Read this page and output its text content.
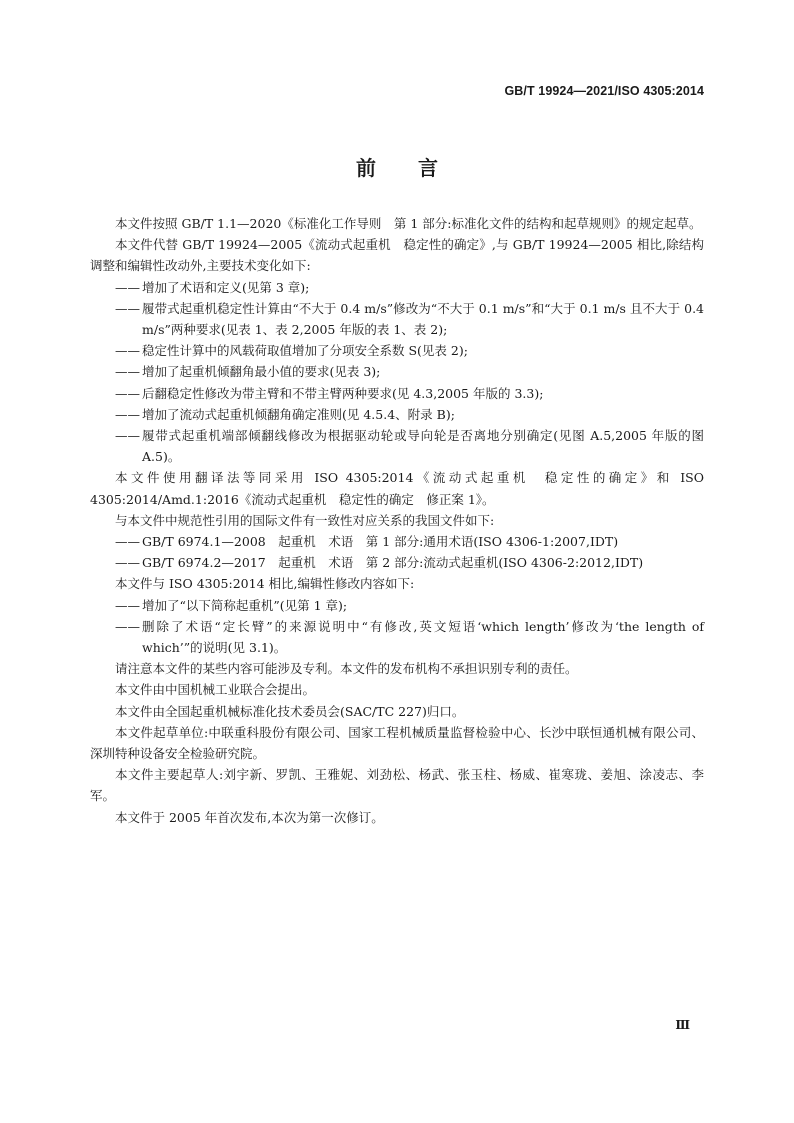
GB/T 19924—2021/ISO 4305:2014
前言

本文件按照 GB/T 1.1—2020《标准化工作导则　第 1 部分:标准化文件的结构和起草规则》的规定起草。

本文件代替 GB/T 19924—2005《流动式起重机　稳定性的确定》,与 GB/T 19924—2005 相比,除结构调整和编辑性改动外,主要技术变化如下:

—— 增加了术语和定义(见第 3 章);
—— 履带式起重机稳定性计算由“不大于 0.4 m/s”修改为“不大于 0.1 m/s”和“大于 0.1 m/s 且不大于 0.4 m/s”两种要求(见表 1、表 2,2005 年版的表 1、表 2);
—— 稳定性计算中的风载荷取值增加了分项安全系数 S(见表 2);
—— 增加了起重机倾翻角最小值的要求(见表 3);
—— 后翻稳定性修改为带主臂和不带主臂两种要求(见 4.3,2005 年版的 3.3);
—— 增加了流动式起重机倾翻角确定准则(见 4.5.4、附录 B);
—— 履带式起重机端部倾翻线修改为根据驱动轮或导向轮是否离地分别确定(见图 A.5,2005 年版的图 A.5)。

本文件使用翻译法等同采用 ISO 4305:2014《流动式起重机　稳定性的确定》和 ISO 4305:2014/Amd.1:2016《流动式起重机　稳定性的确定　修正案 1》。

与本文件中规范性引用的国际文件有一致性对应关系的我国文件如下:

—— GB/T 6974.1—2008　起重机　术语　第 1 部分:通用术语(ISO 4306-1:2007,IDT)
—— GB/T 6974.2—2017　起重机　术语　第 2 部分:流动式起重机(ISO 4306-2:2012,IDT)

本文件与 ISO 4305:2014 相比,编辑性修改内容如下:

—— 增加了“以下简称起重机”(见第 1 章);
—— 删除了术语“定长臂”的来源说明中“有修改,英文短语‘which length’修改为‘the length of which’”的说明(见 3.1)。

请注意本文件的某些内容可能涉及专利。本文件的发布机构不承担识别专利的责任。

本文件由中国机械工业联合会提出。

本文件由全国起重机械标准化技术委员会(SAC/TC 227)归口。

本文件起草单位:中联重科股份有限公司、国家工程机械质量监督检验中心、长沙中联恒通机械有限公司、深圳特种设备安全检验研究院。

本文件主要起草人:刘宇新、罗凯、王雅妮、刘劲松、杨武、张玉柱、杨威、崔寒珑、姜旭、涂凌志、李军。

本文件于 2005 年首次发布,本次为第一次修订。

Ⅲ
